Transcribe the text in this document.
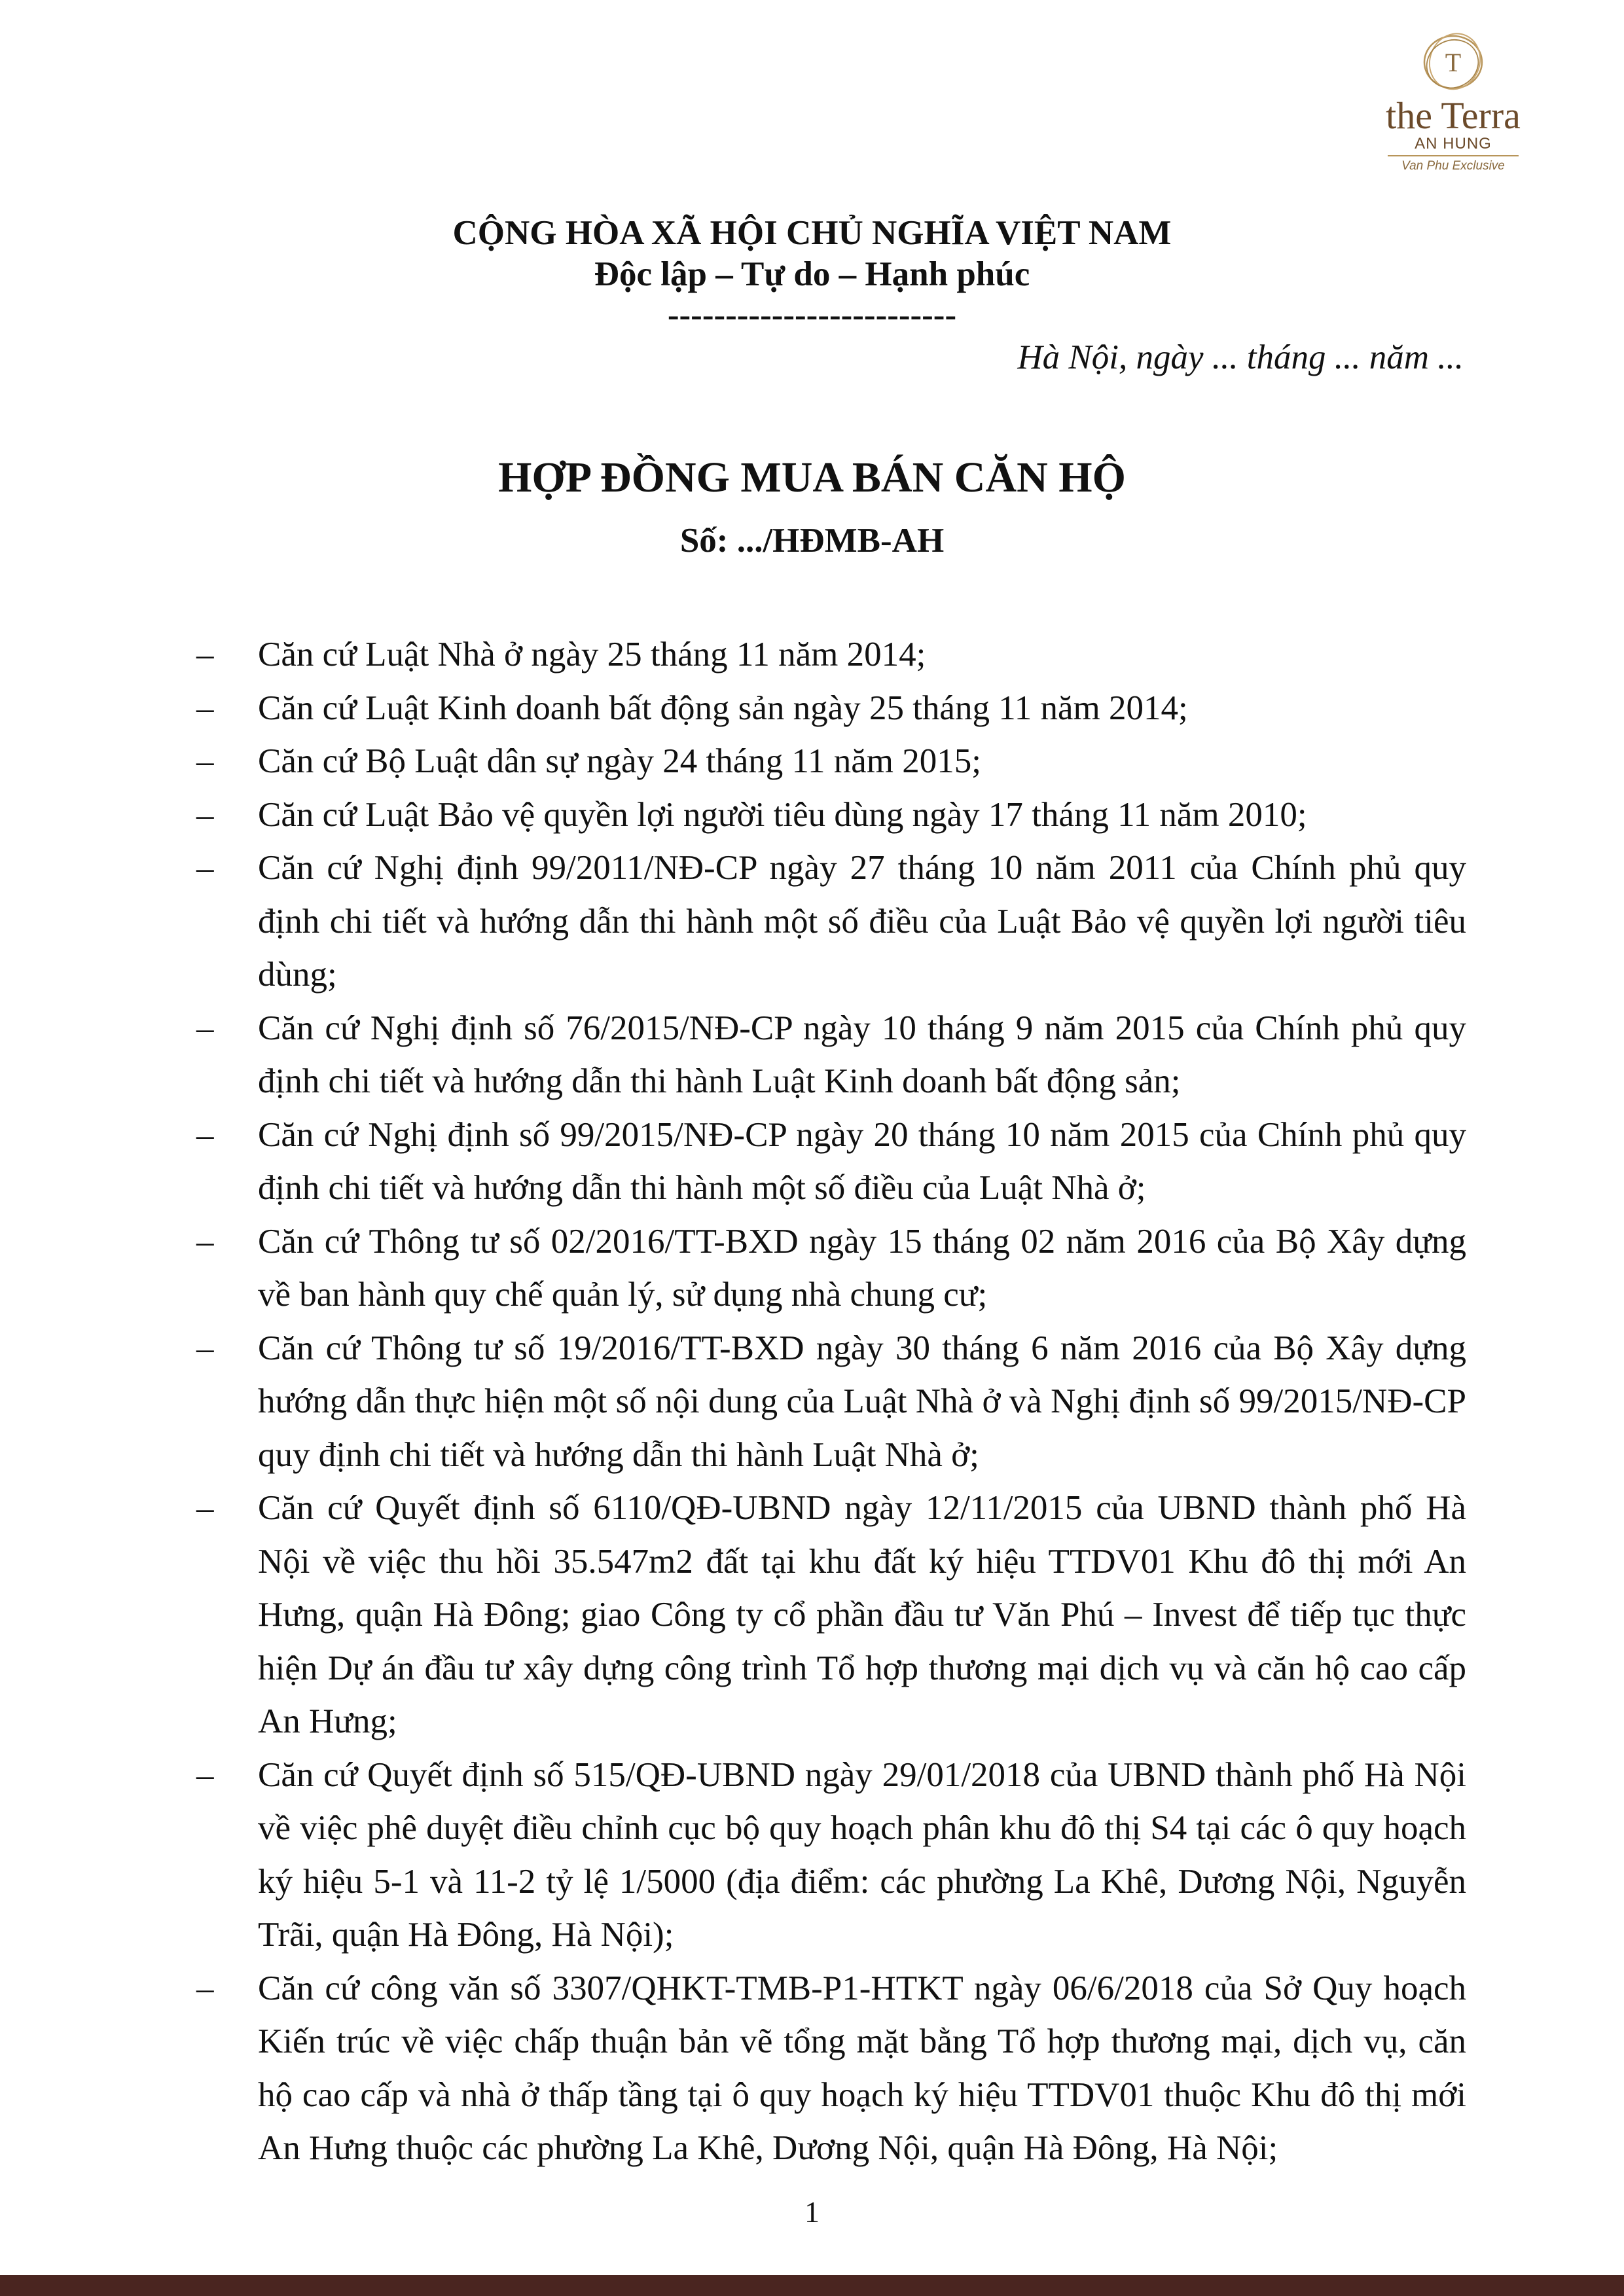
T
the Terra
AN HUNG
Van Phu Exclusive
CỘNG HÒA XÃ HỘI CHỦ NGHĨA VIỆT NAM
Độc lập – Tự do – Hạnh phúc
-------------------------
Hà Nội, ngày ... tháng ... năm ...
HỢP ĐỒNG MUA BÁN CĂN HỘ
Số: .../HĐMB-AH
– Căn cứ Luật Nhà ở ngày 25 tháng 11 năm 2014;
– Căn cứ Luật Kinh doanh bất động sản ngày 25 tháng 11 năm 2014;
– Căn cứ Bộ Luật dân sự ngày 24 tháng 11 năm 2015;
– Căn cứ Luật Bảo vệ quyền lợi người tiêu dùng ngày 17 tháng 11 năm 2010;
– Căn cứ Nghị định 99/2011/NĐ-CP ngày 27 tháng 10 năm 2011 của Chính phủ quy định chi tiết và hướng dẫn thi hành một số điều của Luật Bảo vệ quyền lợi người tiêu dùng;
– Căn cứ Nghị định số 76/2015/NĐ-CP ngày 10 tháng 9 năm 2015 của Chính phủ quy định chi tiết và hướng dẫn thi hành Luật Kinh doanh bất động sản;
– Căn cứ Nghị định số 99/2015/NĐ-CP ngày 20 tháng 10 năm 2015 của Chính phủ quy định chi tiết và hướng dẫn thi hành một số điều của Luật Nhà ở;
– Căn cứ Thông tư số 02/2016/TT-BXD ngày 15 tháng 02 năm 2016 của Bộ Xây dựng về ban hành quy chế quản lý, sử dụng nhà chung cư;
– Căn cứ Thông tư số 19/2016/TT-BXD ngày 30 tháng 6 năm 2016 của Bộ Xây dựng hướng dẫn thực hiện một số nội dung của Luật Nhà ở và Nghị định số 99/2015/NĐ-CP quy định chi tiết và hướng dẫn thi hành Luật Nhà ở;
– Căn cứ Quyết định số 6110/QĐ-UBND ngày 12/11/2015 của UBND thành phố Hà Nội về việc thu hồi 35.547m2 đất tại khu đất ký hiệu TTDV01 Khu đô thị mới An Hưng, quận Hà Đông; giao Công ty cổ phần đầu tư Văn Phú – Invest để tiếp tục thực hiện Dự án đầu tư xây dựng công trình Tổ hợp thương mại dịch vụ và căn hộ cao cấp An Hưng;
– Căn cứ Quyết định số 515/QĐ-UBND ngày 29/01/2018 của UBND thành phố Hà Nội về việc phê duyệt điều chỉnh cục bộ quy hoạch phân khu đô thị S4 tại các ô quy hoạch ký hiệu 5-1 và 11-2 tỷ lệ 1/5000 (địa điểm: các phường La Khê, Dương Nội, Nguyễn Trãi, quận Hà Đông, Hà Nội);
– Căn cứ công văn số 3307/QHKT-TMB-P1-HTKT ngày 06/6/2018 của Sở Quy hoạch Kiến trúc về việc chấp thuận bản vẽ tổng mặt bằng Tổ hợp thương mại, dịch vụ, căn hộ cao cấp và nhà ở thấp tầng tại ô quy hoạch ký hiệu TTDV01 thuộc Khu đô thị mới An Hưng thuộc các phường La Khê, Dương Nội, quận Hà Đông, Hà Nội;
1
